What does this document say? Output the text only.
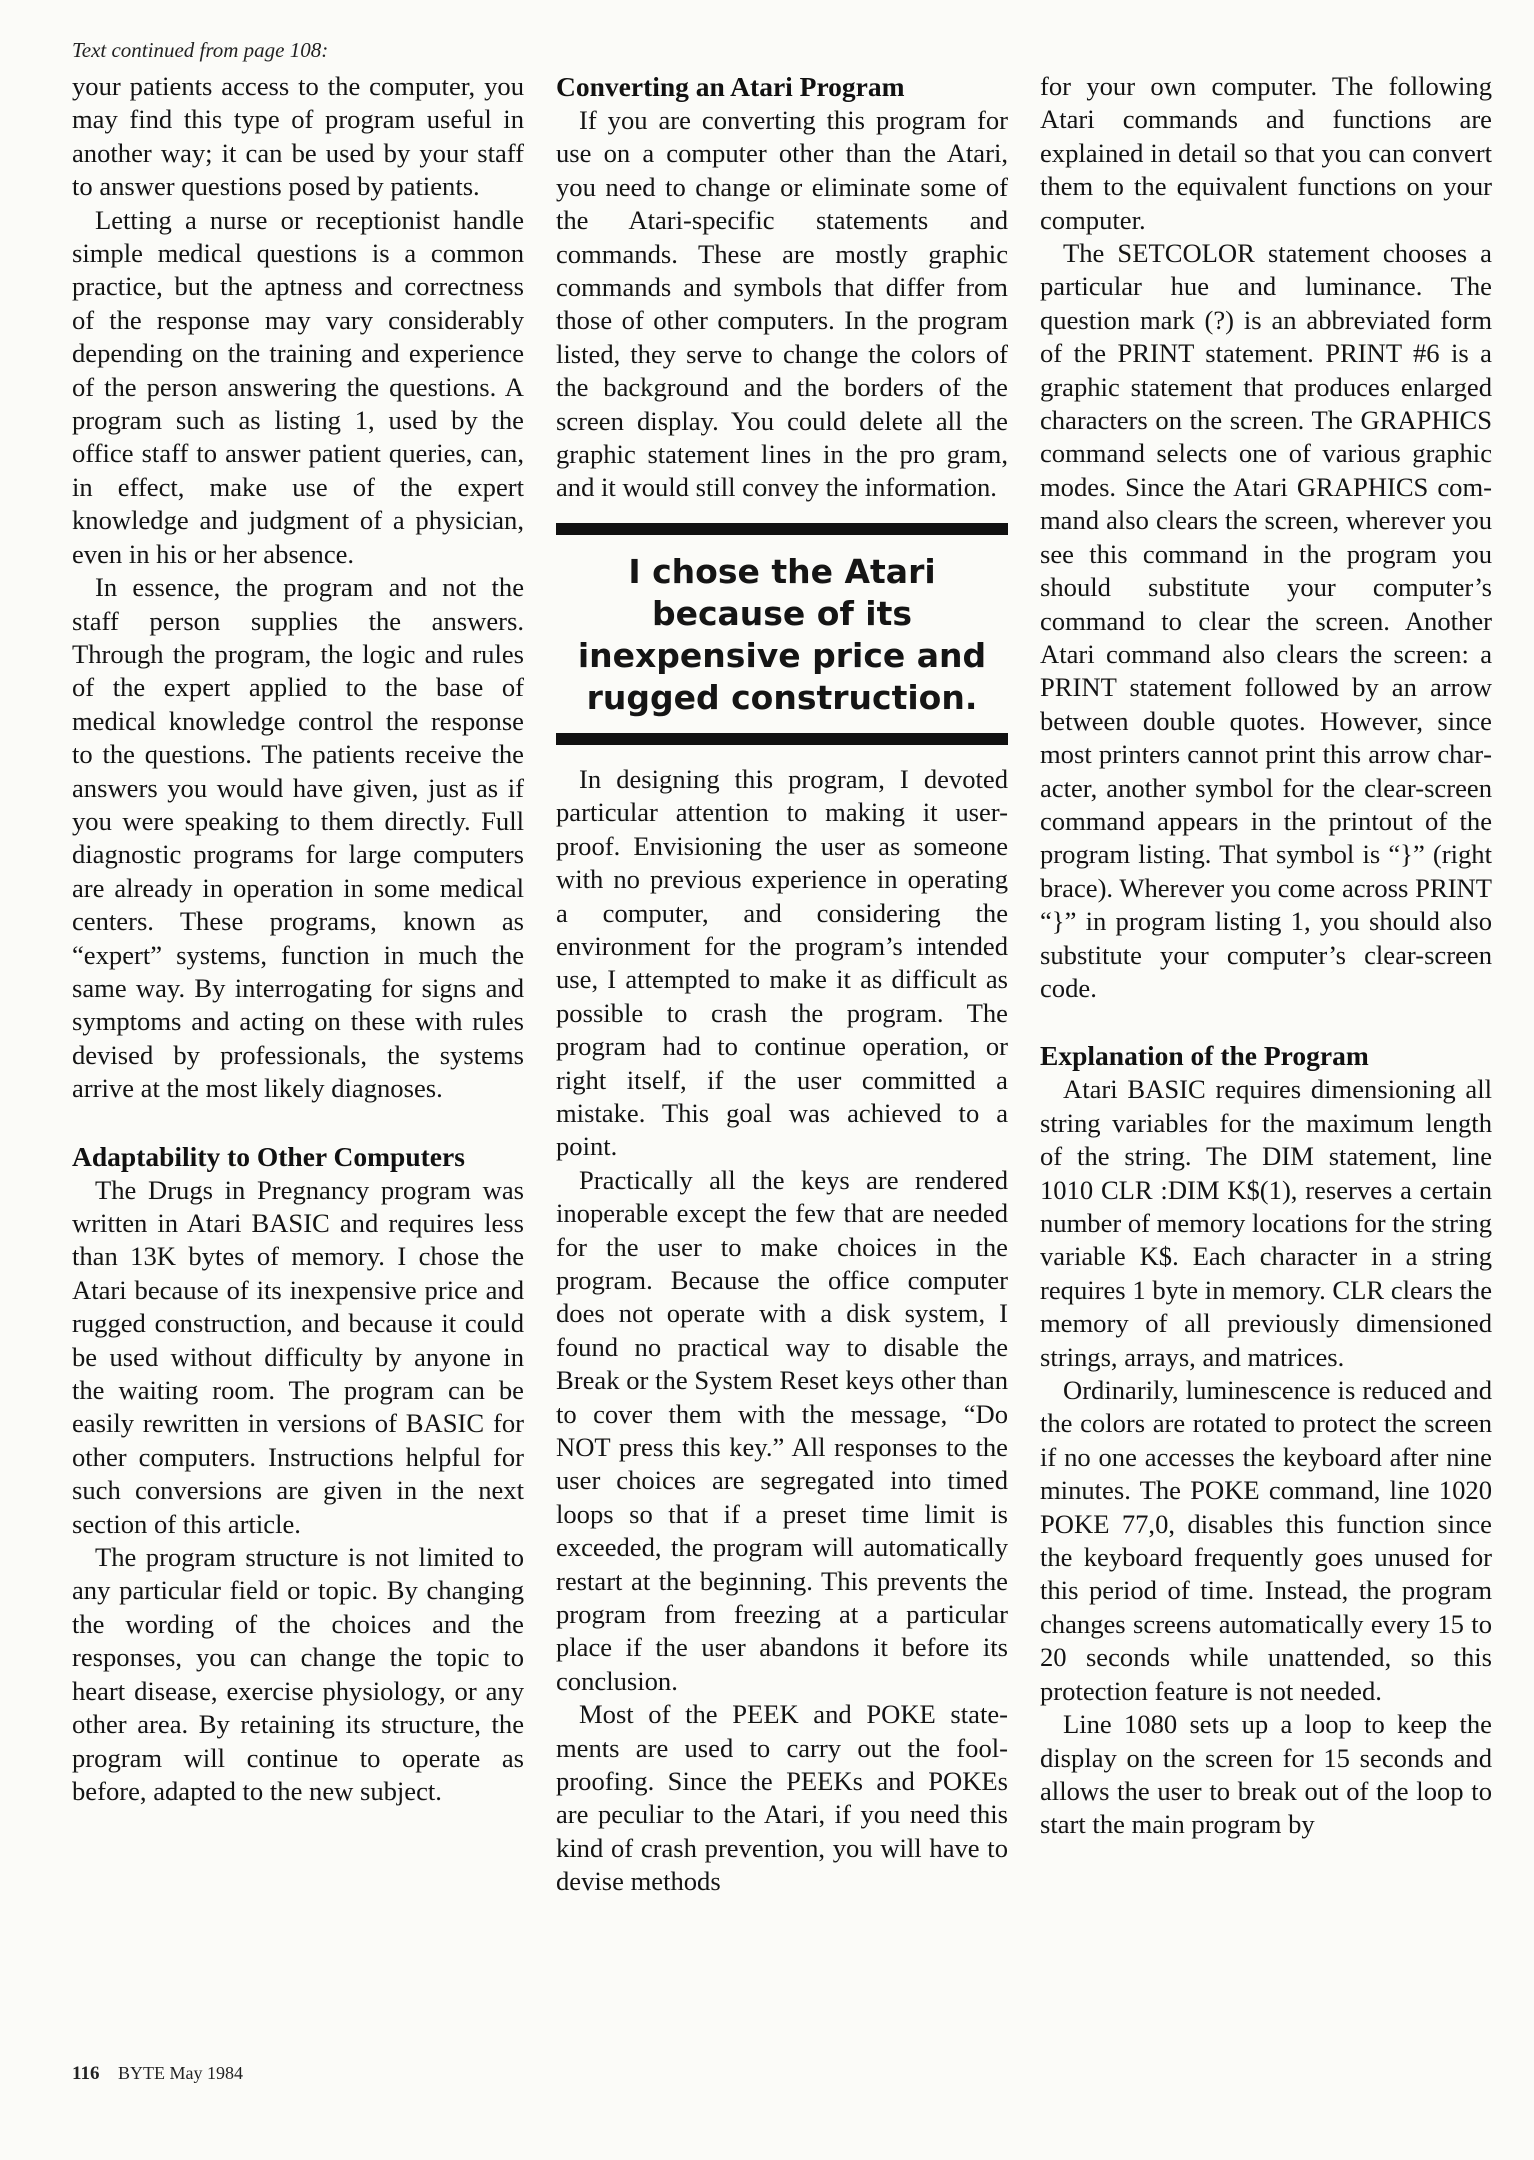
Text continued from page 108:

your patients access to the computer, you may find this type of program useful in another way; it can be used by your staff to answer questions posed by patients.

Letting a nurse or receptionist handle simple medical questions is a common practice, but the aptness and correctness of the response may vary considerably depending on the training and experience of the person answering the questions. A program such as listing 1, used by the office staff to answer patient queries, can, in effect, make use of the expert knowledge and judgment of a physician, even in his or her absence.

In essence, the program and not the staff person supplies the answers. Through the program, the logic and rules of the expert applied to the base of medical knowledge control the response to the questions. The patients receive the answers you would have given, just as if you were speaking to them directly. Full diagnostic programs for large computers are already in operation in some medical centers. These programs, known as “expert” systems, function in much the same way. By interrogating for signs and symptoms and acting on these with rules devised by professionals, the systems arrive at the most likely diagnoses.

Adaptability to Other Computers

The Drugs in Pregnancy program was written in Atari BASIC and requires less than 13K bytes of memory. I chose the Atari because of its inexpensive price and rugged construction, and because it could be used without difficulty by anyone in the waiting room. The program can be easily rewritten in versions of BASIC for other computers. Instructions helpful for such conversions are given in the next section of this article.

The program structure is not limited to any particular field or topic. By changing the wording of the choices and the responses, you can change the topic to heart disease, exercise physiology, or any other area. By retaining its structure, the program will continue to operate as before, adapted to the new subject.

Converting an Atari Program

If you are converting this program for use on a computer other than the Atari, you need to change or eliminate some of the Atari-specific statements and commands. These are mostly graphic commands and symbols that differ from those of other computers. In the program listed, they serve to change the colors of the background and the borders of the screen display. You could delete all the graphic statement lines in the pro gram, and it would still convey the information.

I chose the Atari because of its inexpensive price and rugged construction.

In designing this program, I devoted particular attention to making it user-proof. Envisioning the user as someone with no previous experience in operating a computer, and considering the environment for the program’s intended use, I attempted to make it as difficult as possible to crash the program. The program had to continue operation, or right itself, if the user committed a mistake. This goal was achieved to a point.

Practically all the keys are rendered inoperable except the few that are needed for the user to make choices in the program. Because the office computer does not operate with a disk system, I found no practical way to disable the Break or the System Reset keys other than to cover them with the message, “Do NOT press this key.” All responses to the user choices are segregated into timed loops so that if a preset time limit is exceeded, the program will automatically restart at the beginning. This prevents the program from freezing at a particular place if the user abandons it before its conclusion.

Most of the PEEK and POKE statements are used to carry out the foolproofing. Since the PEEKs and POKEs are peculiar to the Atari, if you need this kind of crash prevention, you will have to devise methods

for your own computer. The following Atari commands and functions are explained in detail so that you can convert them to the equivalent functions on your computer.

The SETCOLOR statement chooses a particular hue and luminance. The question mark (?) is an abbreviated form of the PRINT statement. PRINT #6 is a graphic statement that produces enlarged characters on the screen. The GRAPHICS command selects one of various graphic modes. Since the Atari GRAPHICS command also clears the screen, wherever you see this command in the program you should substitute your computer’s command to clear the screen. Another Atari command also clears the screen: a PRINT statement followed by an arrow between double quotes. However, since most printers cannot print this arrow character, another symbol for the clear-screen command appears in the printout of the program listing. That symbol is “}” (right brace). Wherever you come across PRINT “}” in program listing 1, you should also substitute your computer’s clear-screen code.

Explanation of the Program

Atari BASIC requires dimensioning all string variables for the maximum length of the string. The DIM statement, line 1010 CLR :DIM K$(1), reserves a certain number of memory locations for the string variable K$. Each character in a string requires 1 byte in memory. CLR clears the memory of all previously dimensioned strings, arrays, and matrices.

Ordinarily, luminescence is reduced and the colors are rotated to protect the screen if no one accesses the keyboard after nine minutes. The POKE command, line 1020 POKE 77,0, disables this function since the keyboard frequently goes unused for this period of time. Instead, the program changes screens automatically every 15 to 20 seconds while unattended, so this protection feature is not needed.

Line 1080 sets up a loop to keep the display on the screen for 15 seconds and allows the user to break out of the loop to start the main program by

116 BYTE May 1984
